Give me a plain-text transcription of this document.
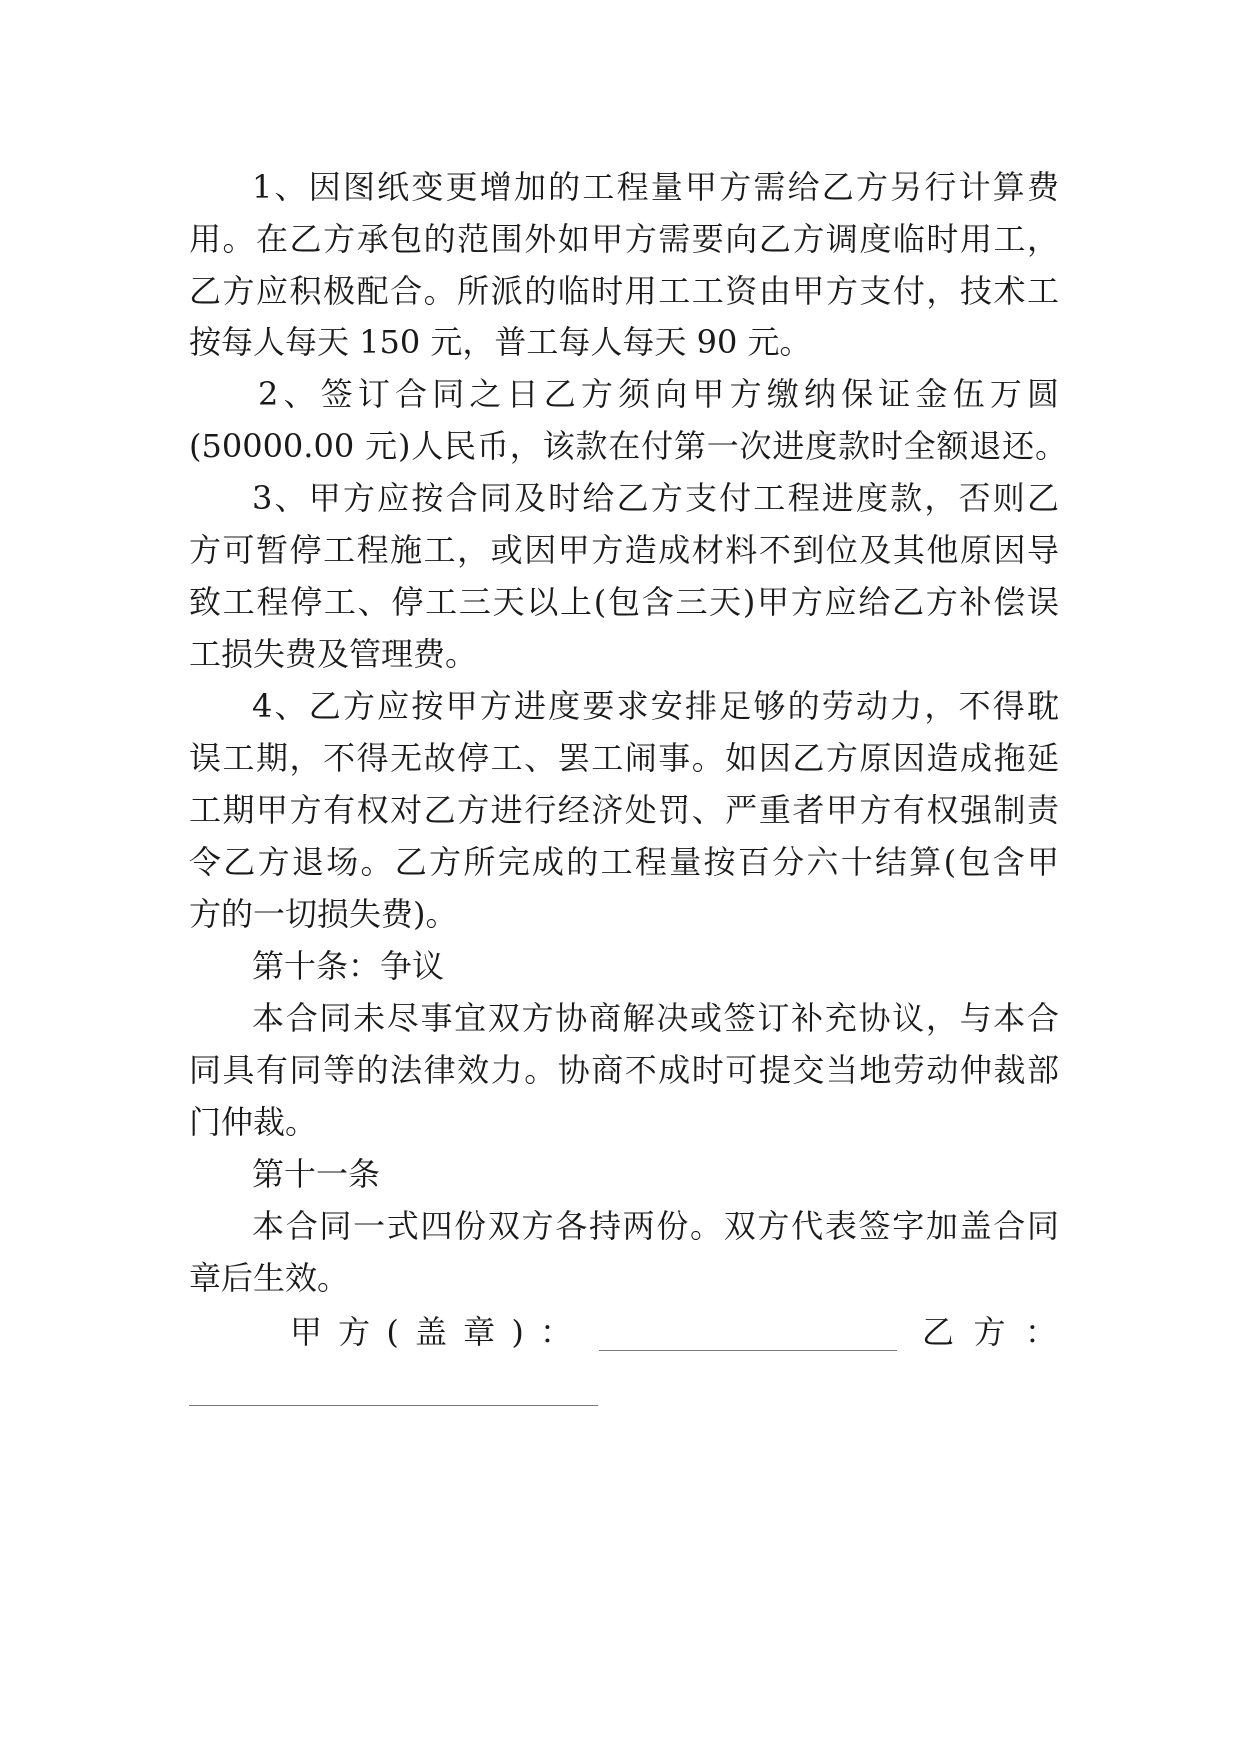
1、因图纸变更增加的工程量甲方需给乙方另行计算费
用。在乙方承包的范围外如甲方需要向乙方调度临时用工，
乙方应积极配合。所派的临时用工工资由甲方支付，技术工
按每人每天 150 元，普工每人每天 90 元。
2、签订合同之日乙方须向甲方缴纳保证金伍万圆
(50000.00 元)人民币，该款在付第一次进度款时全额退还。
3、甲方应按合同及时给乙方支付工程进度款，否则乙
方可暂停工程施工，或因甲方造成材料不到位及其他原因导
致工程停工、停工三天以上(包含三天)甲方应给乙方补偿误
工损失费及管理费。
4、乙方应按甲方进度要求安排足够的劳动力，不得耽
误工期，不得无故停工、罢工闹事。如因乙方原因造成拖延
工期甲方有权对乙方进行经济处罚、严重者甲方有权强制责
令乙方退场。乙方所完成的工程量按百分六十结算(包含甲
方的一切损失费)。
第十条：争议
本合同未尽事宜双方协商解决或签订补充协议，与本合
同具有同等的法律效力。协商不成时可提交当地劳动仲裁部
门仲裁。
第十一条
本合同一式四份双方各持两份。双方代表签字加盖合同
章后生效。
甲方(盖章)：	乙方：
